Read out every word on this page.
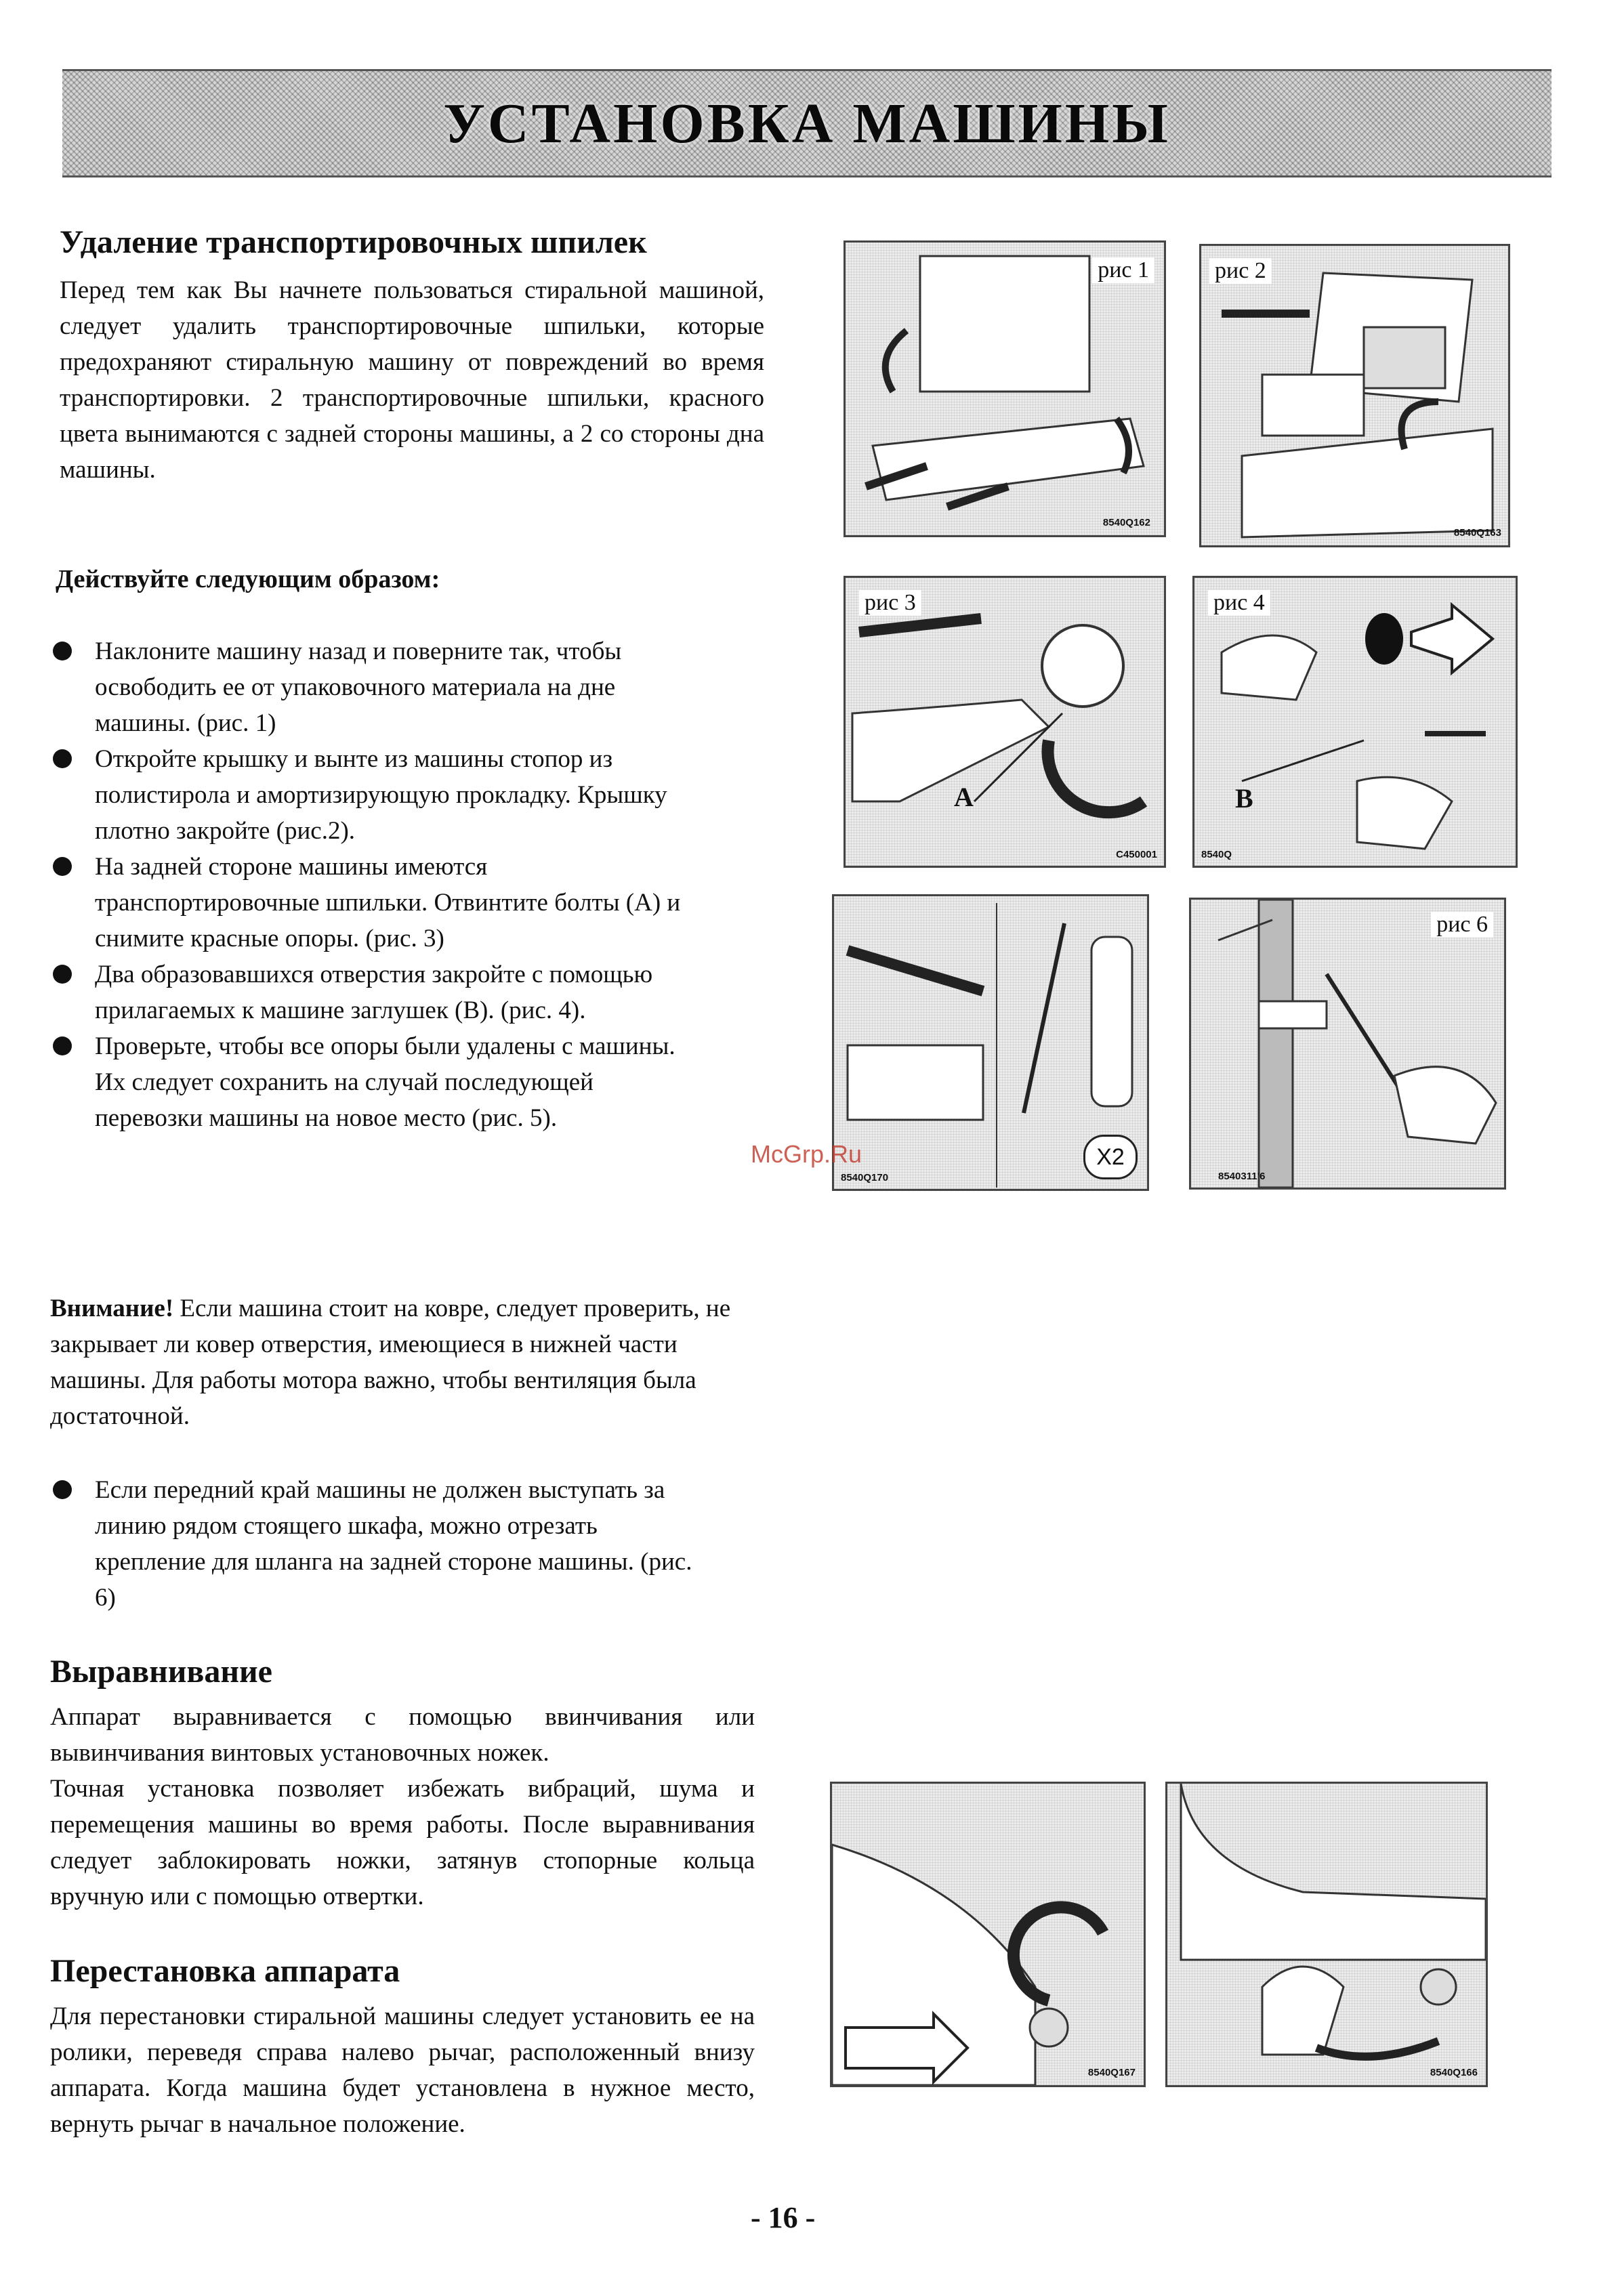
УСТАНОВКА МАШИНЫ
Удаление транспортировочных шпилек

Перед тем как Вы начнете пользоваться стиральной машиной, следует удалить транспортировочные шпильки, которые предохраняют стиральную машину от повреждений во время транспортировки. 2 транспортировочные шпильки, красного цвета вынимаются с задней стороны машины, а 2 со стороны дна машины.

Действуйте следующим образом:

Наклоните машину назад и поверните так, чтобы освободить ее от упаковочного материала на дне машины. (рис. 1)
Откройте крышку и вынте из машины стопор из полистирола и амортизирующую прокладку. Крышку плотно закройте (рис.2).
На задней стороне машины имеются транспортировочные шпильки. Отвинтите болты (А) и снимите красные опоры. (рис. 3)
Два образовавшихся отверстия закройте с помощью прилагаемых к машине заглушек (В). (рис. 4).
Проверьте, чтобы все опоры были удалены с машины. Их следует сохранить на случай последующей перевозки машины на новое место (рис. 5).

Внимание! Если машина стоит на ковре, следует проверить, не закрывает ли ковер отверстия, имеющиеся в нижней части машины. Для работы мотора важно, чтобы вентиляция была достаточной.

Если передний край машины не должен выступать за линию рядом стоящего шкафа, можно отрезать крепление для шланга на задней стороне машины. (рис. 6)
Выравнивание

Аппарат выравнивается с помощью ввинчивания или вывинчивания винтовых установочных ножек.

Точная установка позволяет избежать вибраций, шума и перемещения машины во время работы. После выравнивания следует заблокировать ножки, затянув стопорные кольца вручную или с помощью отвертки.

Перестановка аппарата

Для перестановки стиральной машины следует установить ее на ролики, переведя справа налево рычаг, расположенный внизу аппарата. Когда машина будет установлена в нужное место, вернуть рычаг в начальное положение.

рис 1
8540Q162
рис 2
8540Q163
рис 3
A
C450001
рис 4
B
8540Q
X2
8540Q170
рис 6
8540311'6
8540Q167	8540Q166
McGrp.Ru
- 16 -
